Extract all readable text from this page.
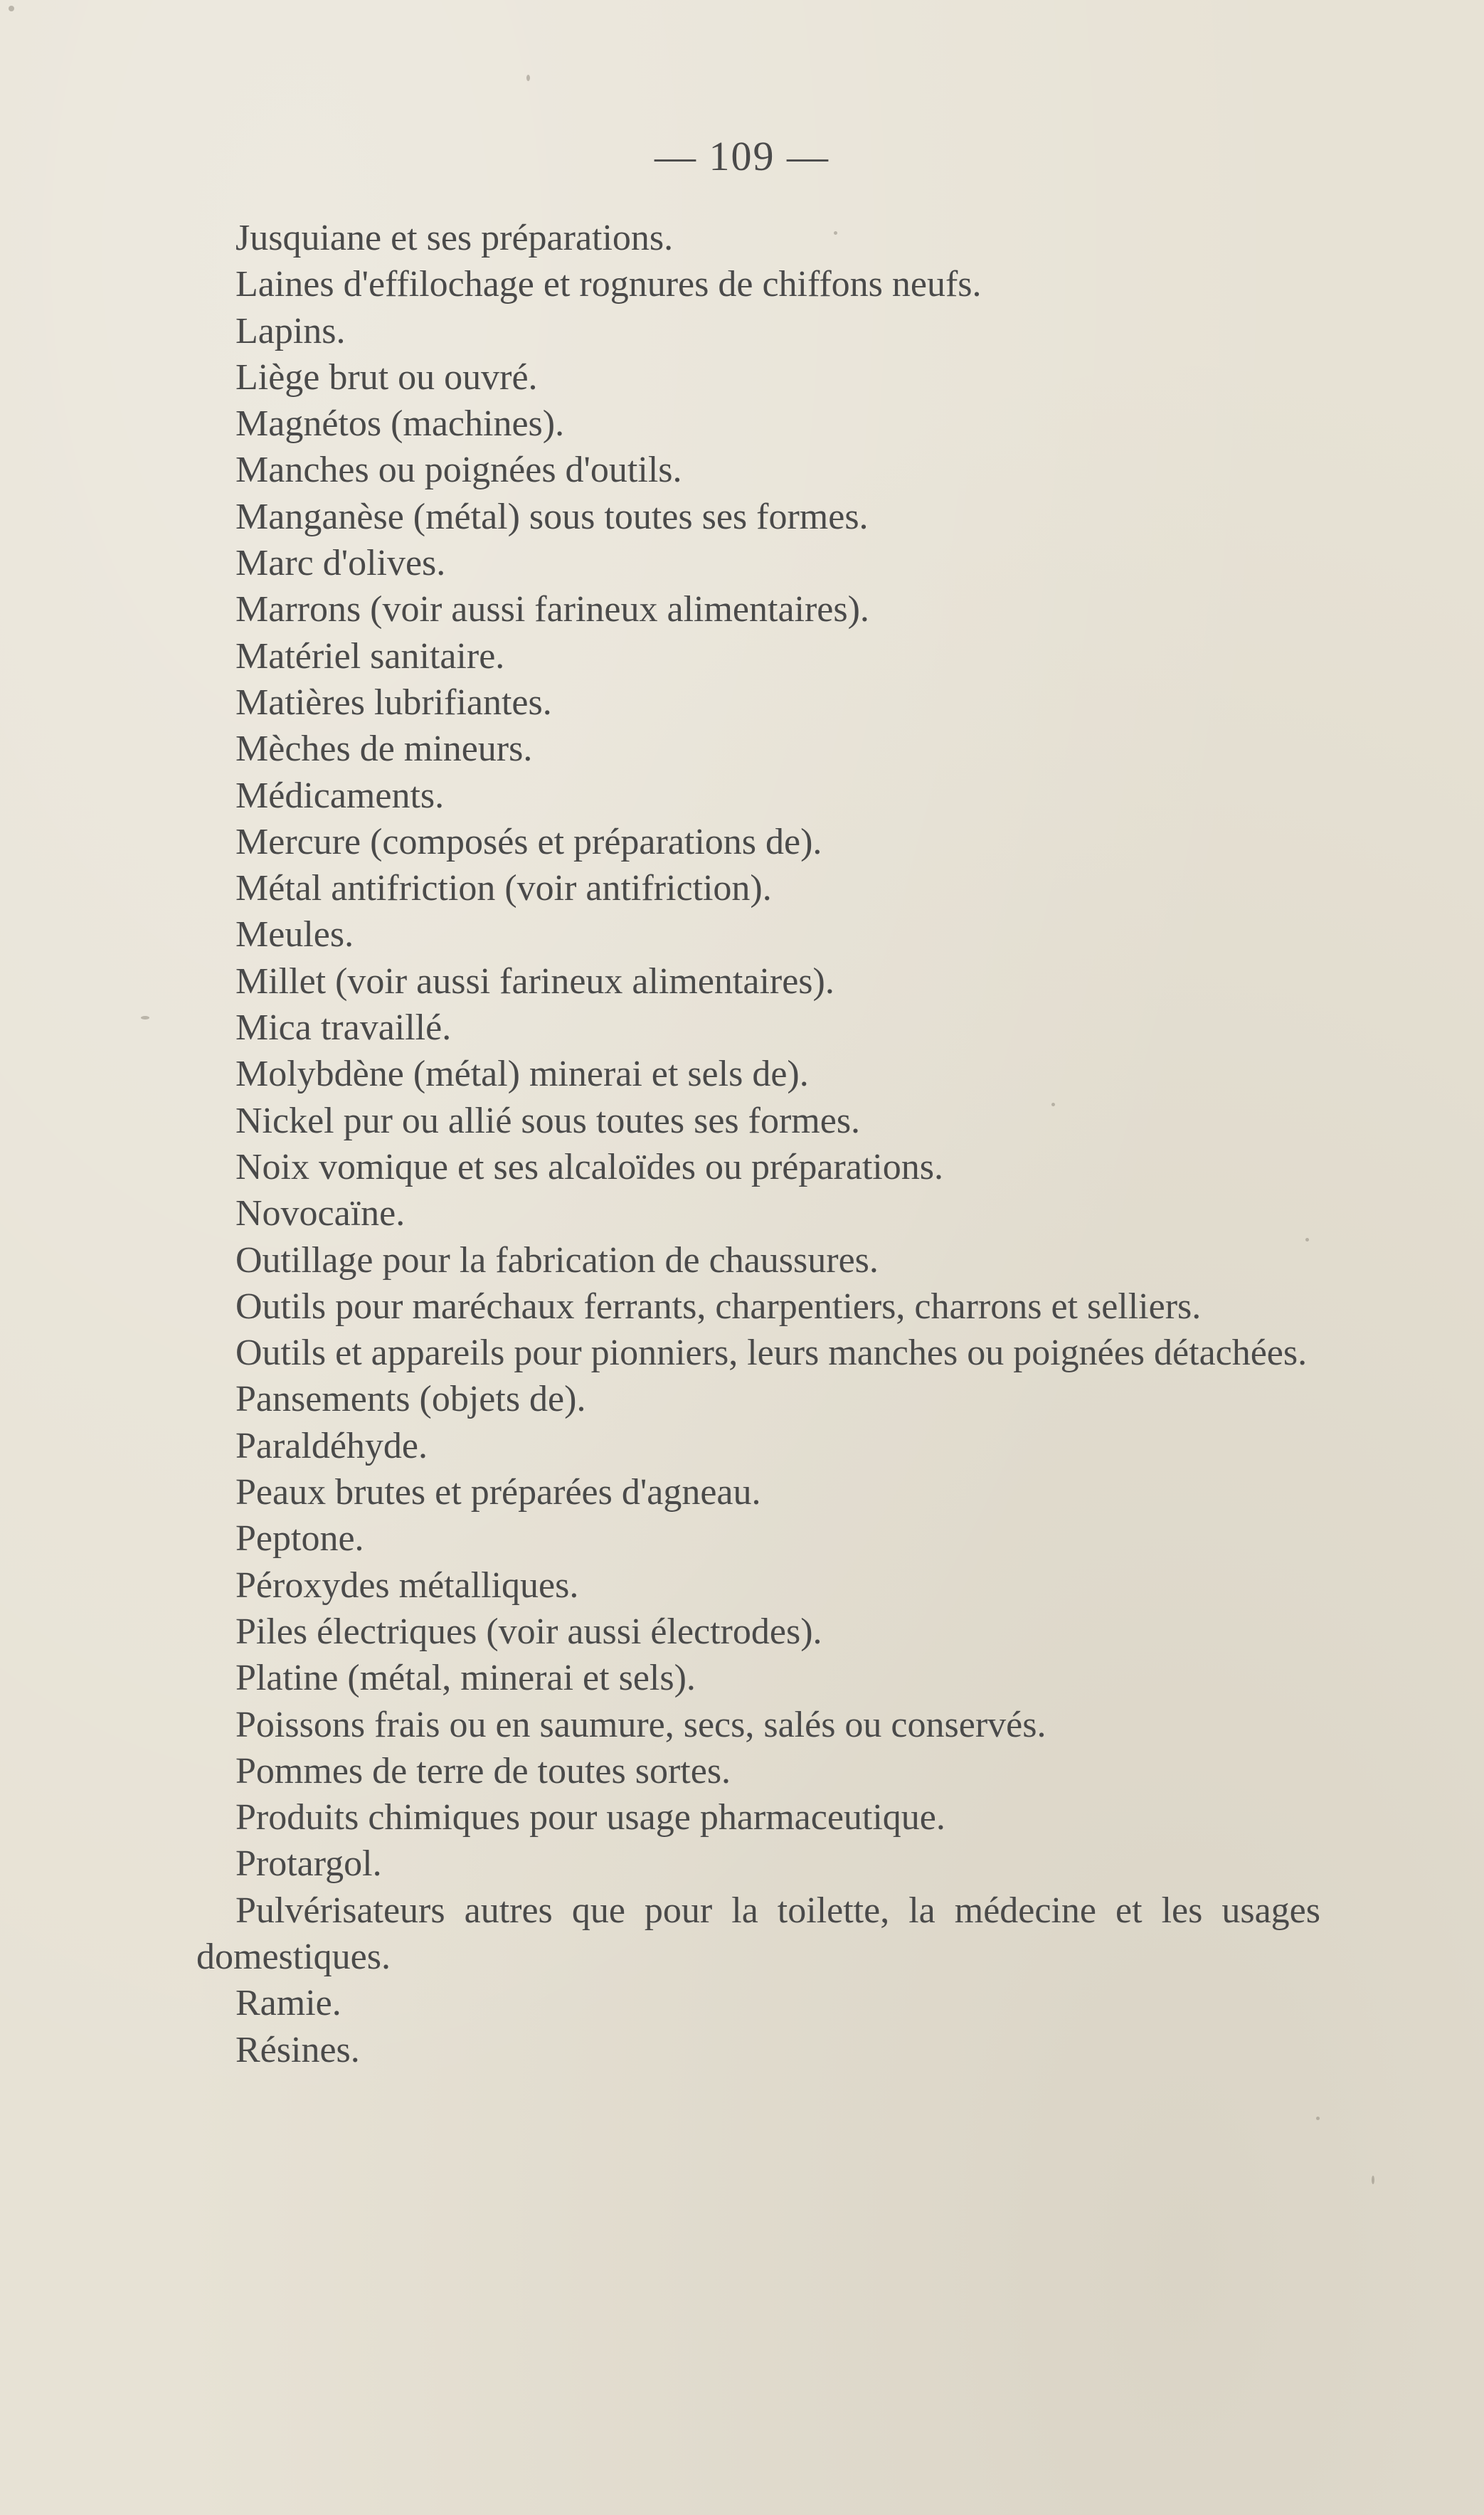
— 109 —
Jusquiane et ses préparations.
Laines d'effilochage et rognures de chiffons neufs.
Lapins.
Liège brut ou ouvré.
Magnétos (machines).
Manches ou poignées d'outils.
Manganèse (métal) sous toutes ses formes.
Marc d'olives.
Marrons (voir aussi farineux alimentaires).
Matériel sanitaire.
Matières lubrifiantes.
Mèches de mineurs.
Médicaments.
Mercure (composés et préparations de).
Métal antifriction (voir antifriction).
Meules.
Millet (voir aussi farineux alimentaires).
Mica travaillé.
Molybdène (métal) minerai et sels de).
Nickel pur ou allié sous toutes ses formes.
Noix vomique et ses alcaloïdes ou préparations.
Novocaïne.
Outillage pour la fabrication de chaussures.
Outils pour maréchaux ferrants, charpentiers, charrons et selliers.
Outils et appareils pour pionniers, leurs manches ou poignées détachées.
Pansements (objets de).
Paraldéhyde.
Peaux brutes et préparées d'agneau.
Peptone.
Péroxydes métalliques.
Piles électriques (voir aussi électrodes).
Platine (métal, minerai et sels).
Poissons frais ou en saumure, secs, salés ou conservés.
Pommes de terre de toutes sortes.
Produits chimiques pour usage pharmaceutique.
Protargol.
Pulvérisateurs autres que pour la toilette, la médecine et les usages domestiques.
Ramie.
Résines.
